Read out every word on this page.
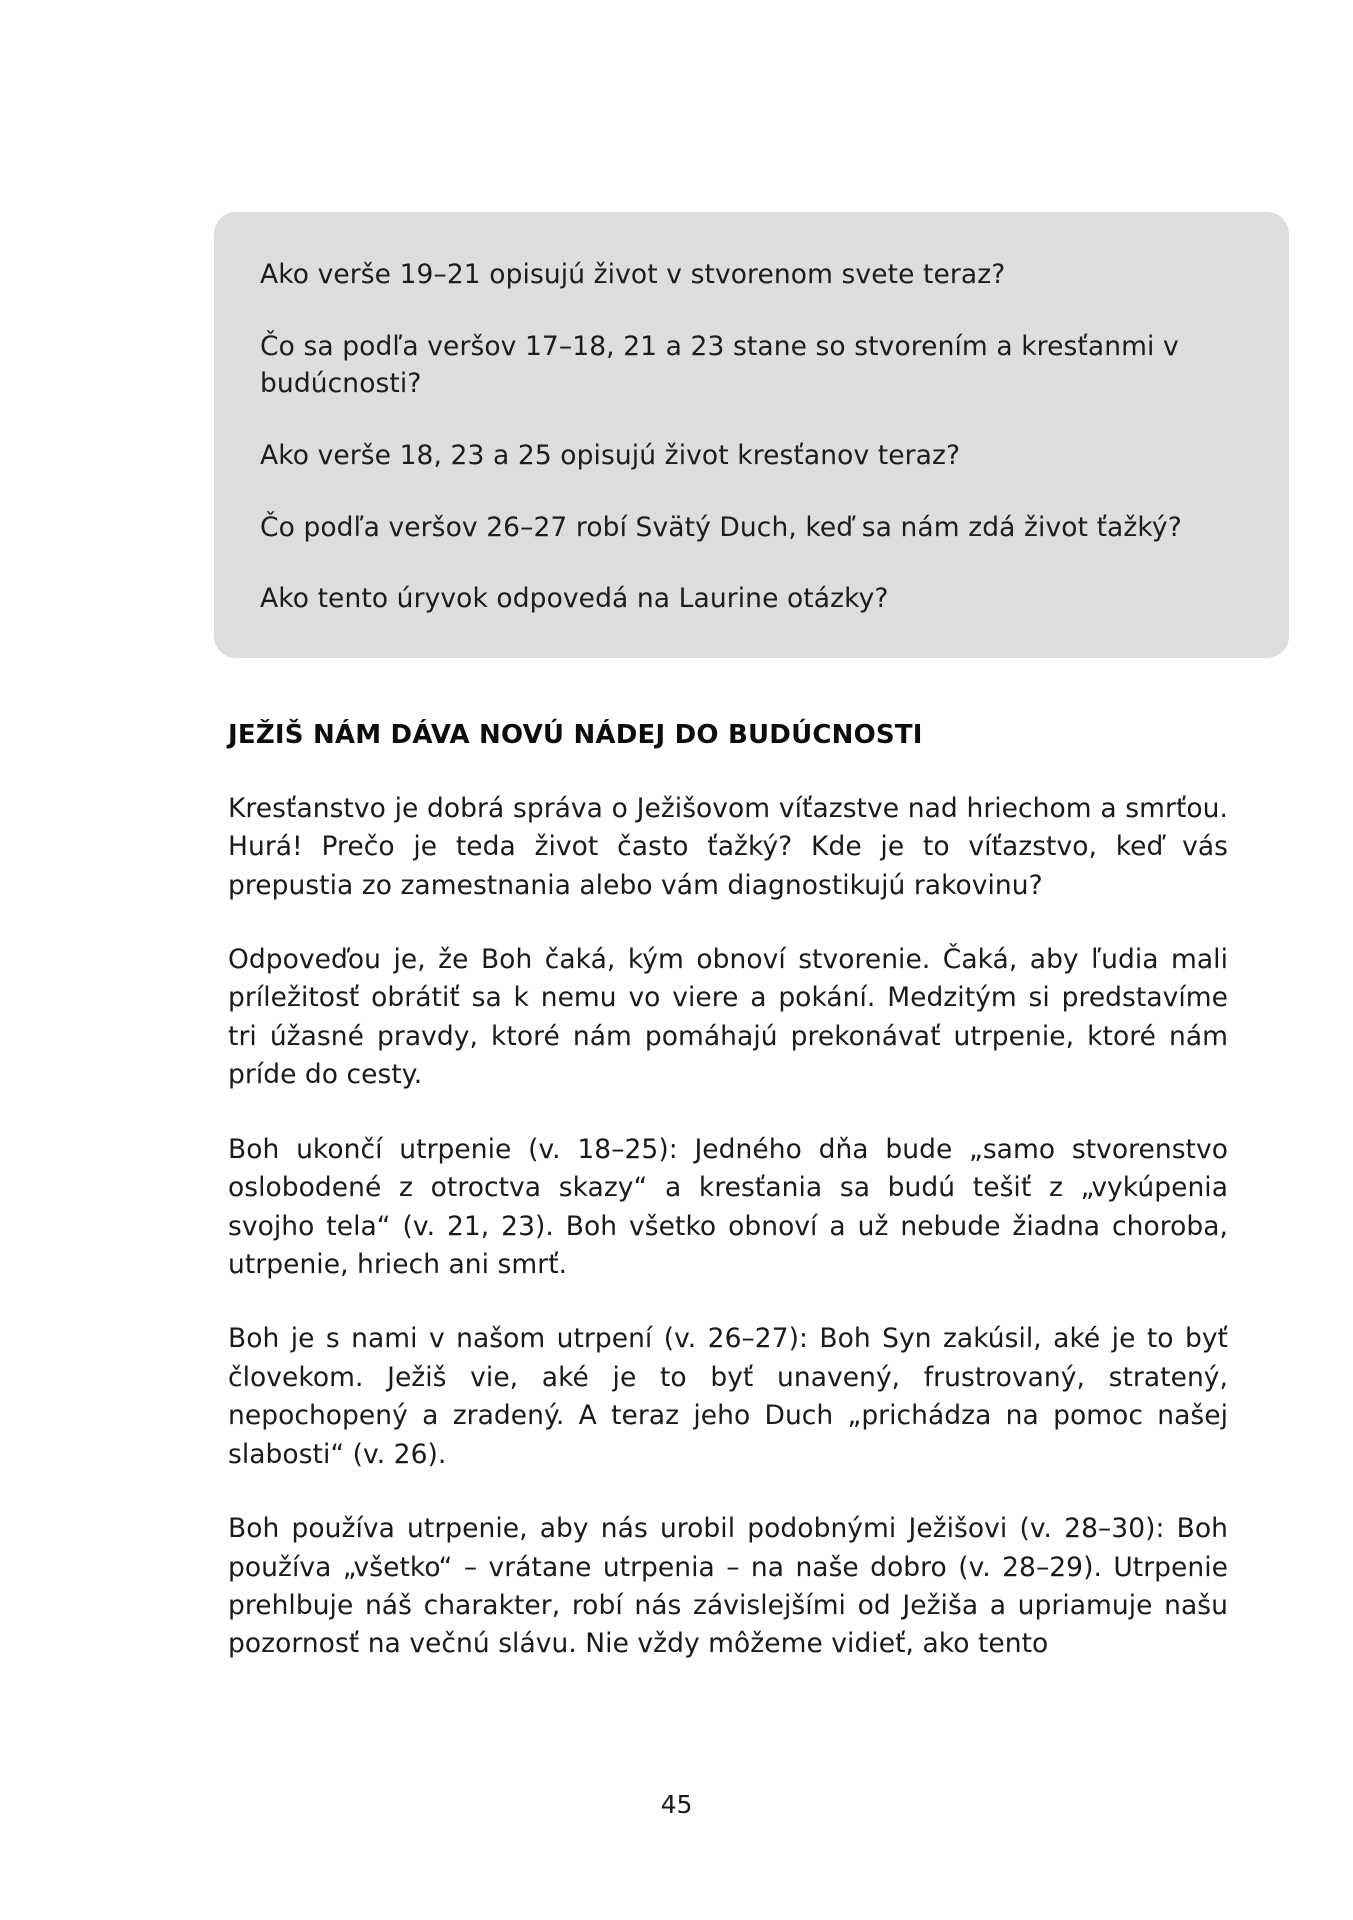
Ako verše 19–21 opisujú život v stvorenom svete teraz?

Čo sa podľa veršov 17–18, 21 a 23 stane so stvorením a kresťanmi v budúcnosti?

Ako verše 18, 23 a 25 opisujú život kresťanov teraz?

Čo podľa veršov 26–27 robí Svätý Duch, keď sa nám zdá život ťažký?

Ako tento úryvok odpovedá na Laurine otázky?

JEŽIŠ NÁM DÁVA NOVÚ NÁDEJ DO BUDÚCNOSTI

Kresťanstvo je dobrá správa o Ježišovom víťazstve nad hriechom a smrťou. Hurá! Prečo je teda život často ťažký? Kde je to víťazstvo, keď vás prepustia zo zamestnania alebo vám diagnostikujú rakovinu?

Odpoveďou je, že Boh čaká, kým obnoví stvorenie. Čaká, aby ľudia mali príležitosť obrátiť sa k nemu vo viere a pokání. Medzitým si predstavíme tri úžasné pravdy, ktoré nám pomáhajú prekonávať utrpenie, ktoré nám príde do cesty.

Boh ukončí utrpenie (v. 18–25): Jedného dňa bude „samo stvorenstvo oslobodené z otroctva skazy“ a kresťania sa budú tešiť z „vykúpenia svojho tela“ (v. 21, 23). Boh všetko obnoví a už nebude žiadna choroba, utrpenie, hriech ani smrť.

Boh je s nami v našom utrpení (v. 26–27): Boh Syn zakúsil, aké je to byť človekom. Ježiš vie, aké je to byť unavený, frustrovaný, stratený, nepochopený a zradený. A teraz jeho Duch „prichádza na pomoc našej slabosti“ (v. 26).

Boh používa utrpenie, aby nás urobil podobnými Ježišovi (v. 28–30): Boh používa „všetko“ – vrátane utrpenia – na naše dobro (v. 28–29). Utrpenie prehlbuje náš charakter, robí nás závislejšími od Ježiša a upriamuje našu pozornosť na večnú slávu. Nie vždy môžeme vidieť, ako tento

45
